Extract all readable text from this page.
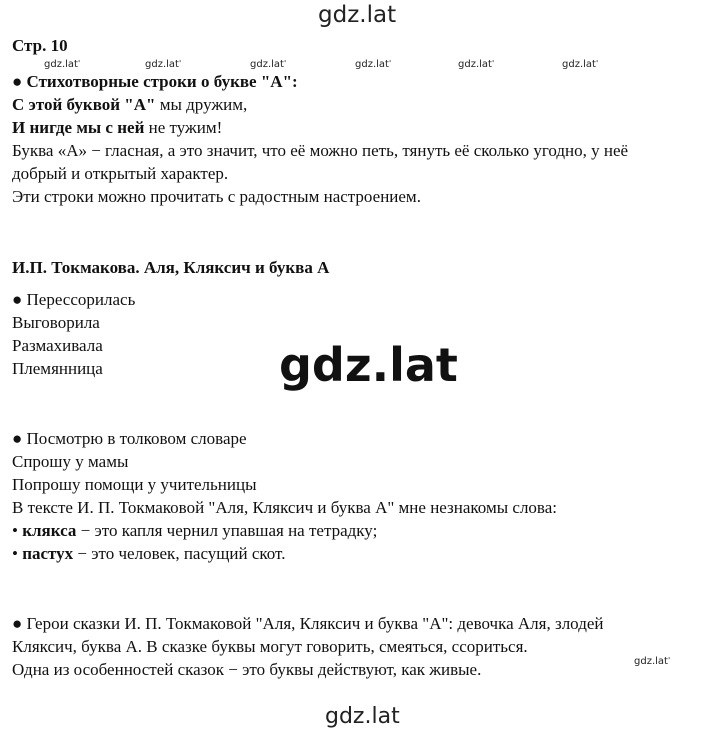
gdz.lat
gdz.lat '	gdz.lat '	gdz.lat '	gdz.lat '	gdz.lat '	gdz.lat '
gdz.lat
gdz.lat '
gdz.lat
Стр. 10
● Стихотворные строки о букве "А":
С этой буквой "А" мы дружим,
И нигде мы с ней не тужим!
Буква «А» − гласная, а это значит, что её можно петь, тянуть её сколько угодно, у неё
добрый и открытый характер.
Эти строки можно прочитать с радостным настроением.
И.П. Токмакова. Аля, Кляксич и буква А
● Перессорилась
Выговорила
Размахивала
Племянница
● Посмотрю в толковом словаре
Спрошу у мамы
Попрошу помощи у учительницы
В тексте И. П. Токмаковой "Аля, Кляксич и буква А" мне незнакомы слова:
• клякса − это капля чернил упавшая на тетрадку;
• пастух − это человек, пасущий скот.
● Герои сказки И. П. Токмаковой "Аля, Кляксич и буква "А": девочка Аля, злодей
Кляксич, буква А. В сказке буквы могут говорить, смеяться, ссориться.
Одна из особенностей сказок − это буквы действуют, как живые.
